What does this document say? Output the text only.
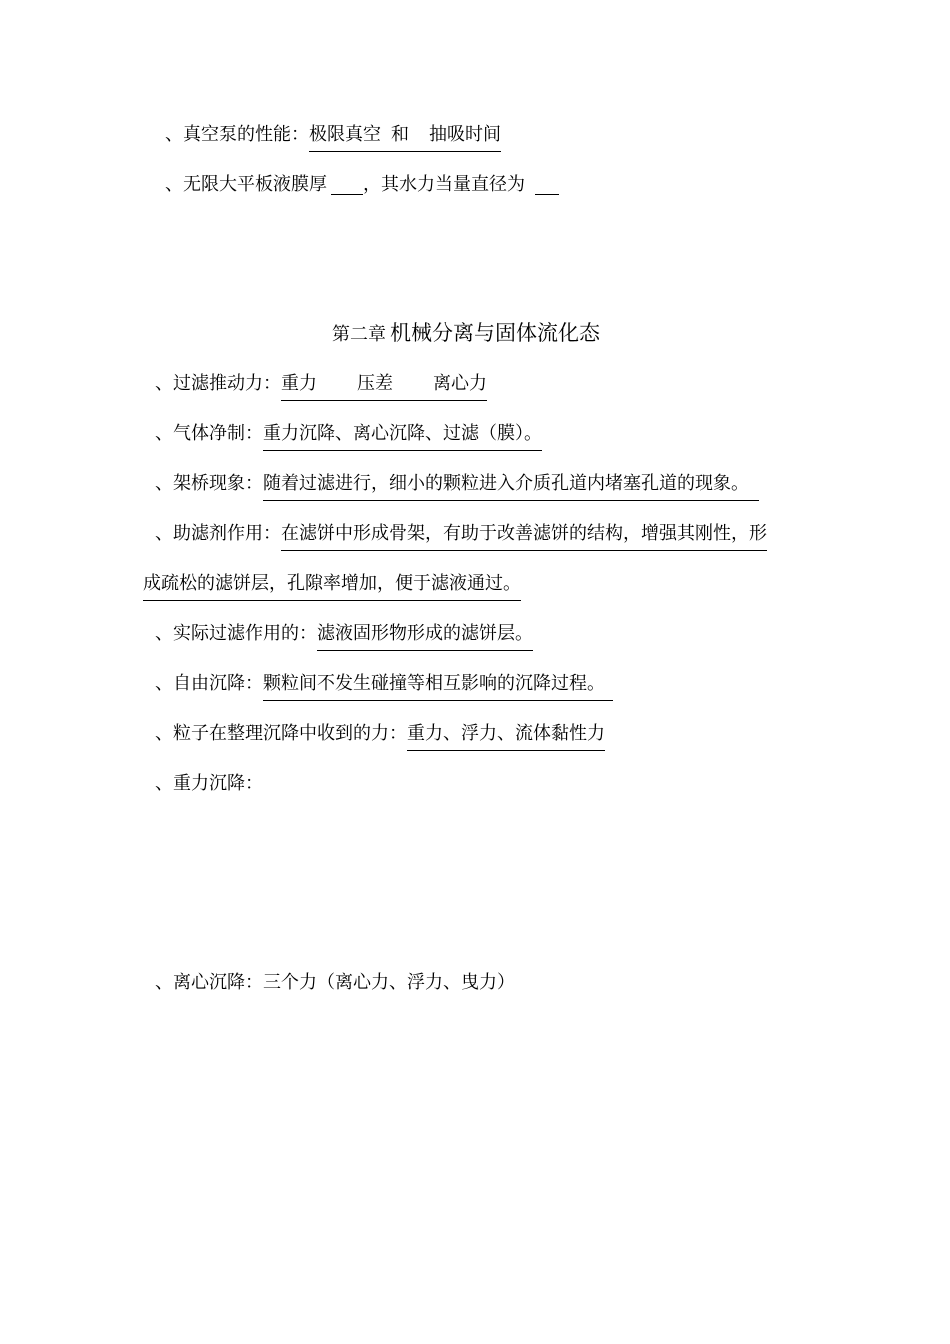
、真空泵的性能：极限真空 和 抽吸时间
、无限大平板液膜厚 ，其水力当量直径为
第二章 机械分离与固体流化态
、过滤推动力：重力 压差 离心力
、气体净制：重力沉降、离心沉降、过滤（膜）。
、架桥现象：随着过滤进行，细小的颗粒进入介质孔道内堵塞孔道的现象。
、助滤剂作用：在滤饼中形成骨架，有助于改善滤饼的结构，增强其刚性，形
成疏松的滤饼层，孔隙率增加，便于滤液通过。
、实际过滤作用的：滤液固形物形成的滤饼层。
、自由沉降：颗粒间不发生碰撞等相互影响的沉降过程。
、粒子在整理沉降中收到的力：重力、浮力、流体黏性力
、重力沉降：
、离心沉降：三个力（离心力、浮力、曳力）
